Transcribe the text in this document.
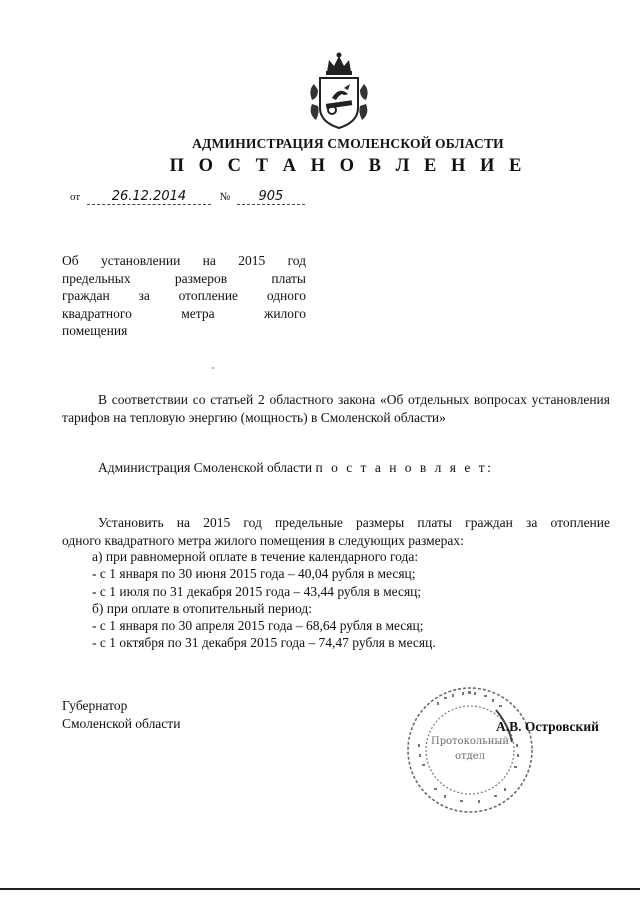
АДМИНИСТРАЦИЯ СМОЛЕНСКОЙ ОБЛАСТИ
П О С Т А Н О В Л Е Н И Е
от 26.12.2014	№ 905
Об установлении на 2015 год
предельных размеров платы
граждан за отопление одного
квадратного метра жилого
помещения
В соответствии со статьей 2 областного закона «Об отдельных вопросах установления тарифов на тепловую энергию (мощность) в Смоленской области»
Администрация Смоленской области п о с т а н о в л я е т:
Установить на 2015 год предельные размеры платы граждан за отопление
одного квадратного метра жилого помещения в следующих размерах:
а) при равномерной оплате в течение календарного года:
- с 1 января по 30 июня 2015 года – 40,04 рубля в месяц;
- с 1 июля по 31 декабря 2015 года – 43,44 рубля в месяц;
б) при оплате в отопительный период:
- с 1 января по 30 апреля 2015 года – 68,64 рубля в месяц;
- с 1 октября по 31 декабря 2015 года – 74,47 рубля в месяц.
Губернатор
Смоленской области
Протокольный
отдел
А.В. Островский
